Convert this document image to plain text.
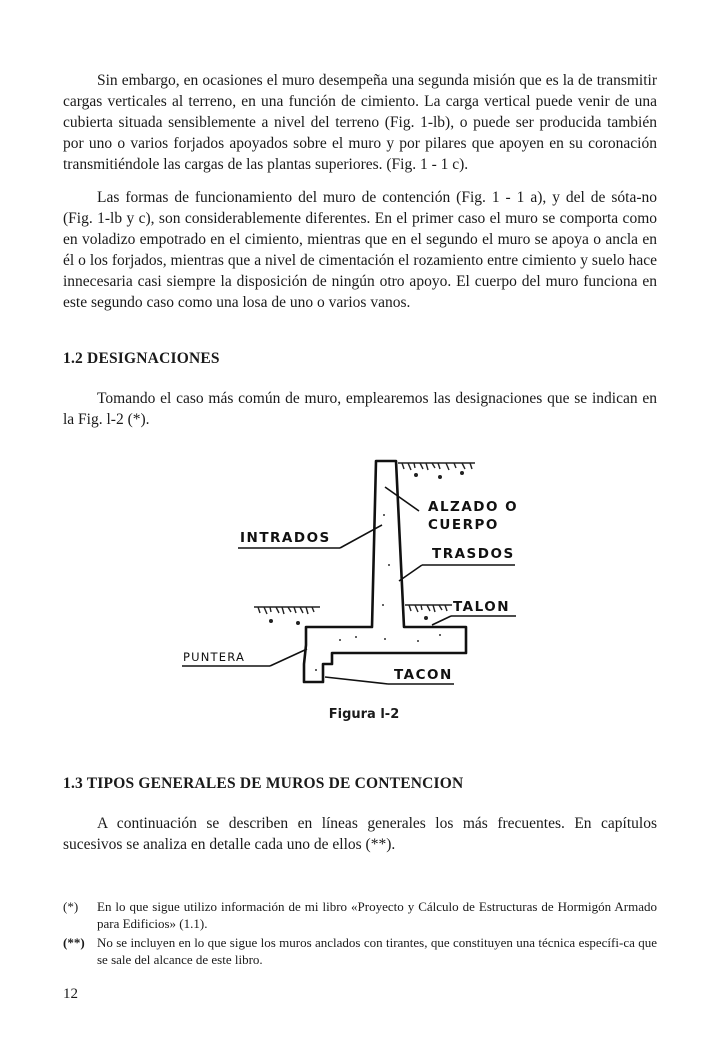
Sin embargo, en ocasiones el muro desempeña una segunda misión que es la de transmitir cargas verticales al terreno, en una función de cimiento. La carga vertical puede venir de una cubierta situada sensiblemente a nivel del terreno (Fig. 1-lb), o puede ser producida también por uno o varios forjados apoyados sobre el muro y por pilares que apoyen en su coronación transmitiéndole las cargas de las plantas superiores. (Fig. 1 - 1 c).

Las formas de funcionamiento del muro de contención (Fig. 1 - 1 a), y del de sóta-no (Fig. 1-lb y c), son considerablemente diferentes. En el primer caso el muro se comporta como en voladizo empotrado en el cimiento, mientras que en el segundo el muro se apoya o ancla en él o los forjados, mientras que a nivel de cimentación el rozamiento entre cimiento y suelo hace innecesaria casi siempre la disposición de ningún otro apoyo. El cuerpo del muro funciona en este segundo caso como una losa de uno o varios vanos.

1.2 DESIGNACIONES

Tomando el caso más común de muro, emplearemos las designaciones que se indican en la Fig. l-2 (*).

ALZADO O
CUERPO
INTRADOS
TRASDOS
TALON
PUNTERA
TACON
Figura l-2

1.3 TIPOS GENERALES DE MUROS DE CONTENCION

A continuación se describen en líneas generales los más frecuentes. En capítulos sucesivos se analiza en detalle cada uno de ellos (**).

(*)	En lo que sigue utilizo información de mi libro «Proyecto y Cálculo de Estructuras de Hormigón Armado para Edificios» (1.1).
(**) No se incluyen en lo que sigue los muros anclados con tirantes, que constituyen una técnica específi-ca que se sale del alcance de este libro.
12
